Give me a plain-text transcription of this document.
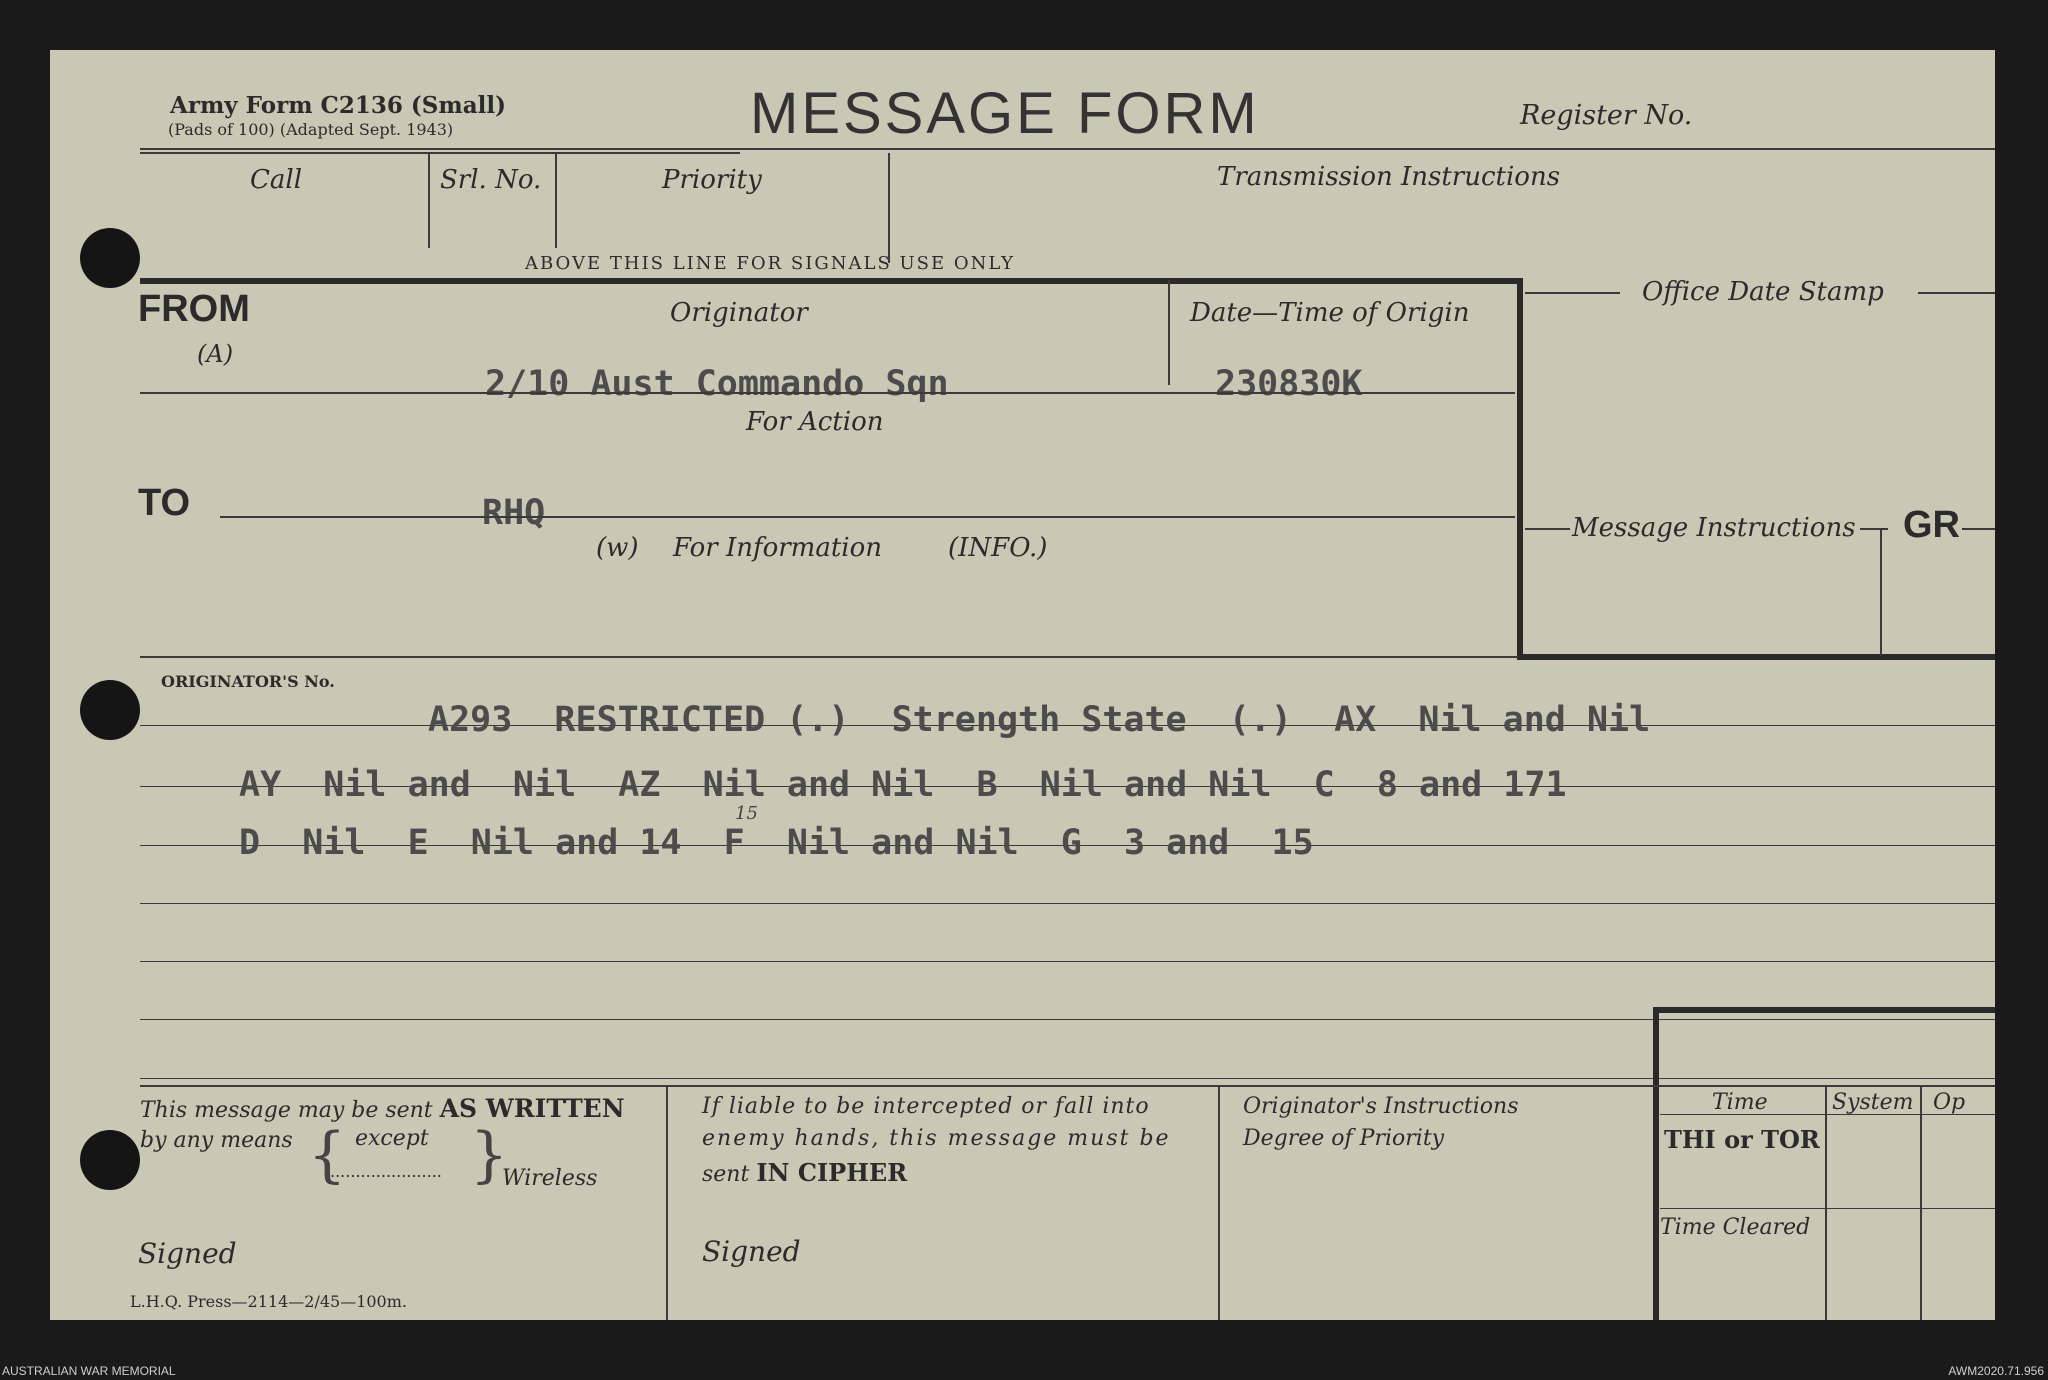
Army Form C2136 (Small)
(Pads of 100) (Adapted Sept. 1943)	MESSAGE FORM	Register No.
Call	Srl. No.	Priority	Transmission Instructions
ABOVE THIS LINE FOR SIGNALS USE ONLY
FROM
(A)
Originator	Date—Time of Origin
2/10 Aust Commando Sqn	230830K
For Action
TO	RHQ
(w) For Information	(INFO.)
Office Date Stamp
Message Instructions GR
ORIGINATOR'S No.
A293  RESTRICTED (.)  Strength State  (.)  AX  Nil and Nil
AY  Nil and  Nil  AZ  Nil and Nil  B  Nil and Nil  C  8 and 171
D  Nil  E  Nil and 14  F  Nil and Nil  G  3 and  15
15
This message may be sent AS WRITTEN
by any means { except
...................... }
Wireless
Signed
L.H.Q. Press—2114—2/45—100m.
If liable to be intercepted or fall into
enemy hands, this message must be
sent IN CIPHER
Signed
Originator's Instructions
Degree of Priority
Time	System Op
THI or TOR
Time Cleared
AUSTRALIAN WAR MEMORIAL	AWM2020.71.956
